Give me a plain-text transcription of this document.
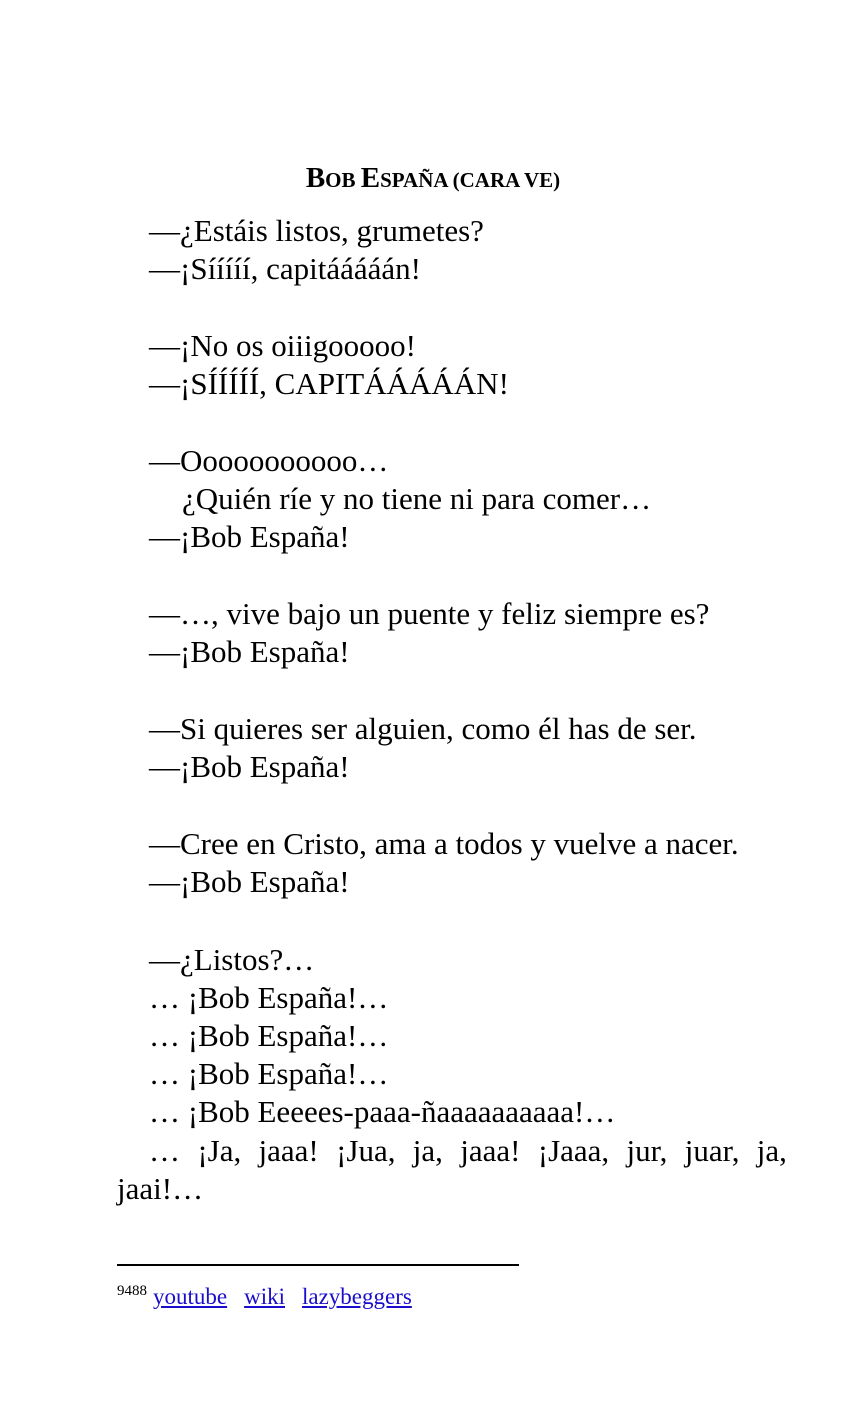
BOB ESPAÑA (CARA VE)
—¿Estáis listos, grumetes?
—¡Sííííí, capitááááán!
—¡No os oiiigooooo!
—¡SÍÍÍÍÍ, CAPITÁÁÁÁÁN!
—Ooooooooooo…
¿Quién ríe y no tiene ni para comer…
—¡Bob España!
—…, vive bajo un puente y feliz siempre es?
—¡Bob España!
—Si quieres ser alguien, como él has de ser.
—¡Bob España!
—Cree en Cristo, ama a todos y vuelve a nacer.
—¡Bob España!
—¿Listos?…
… ¡Bob España!…
… ¡Bob España!…
… ¡Bob España!…
… ¡Bob Eeeees-paaa-ñaaaaaaaaaa!…
… ¡Ja, jaaa! ¡Jua, ja, jaaa! ¡Jaaa, jur, juar, ja,
jaai!…
$^{9488}$ youtube wiki lazybeggers
